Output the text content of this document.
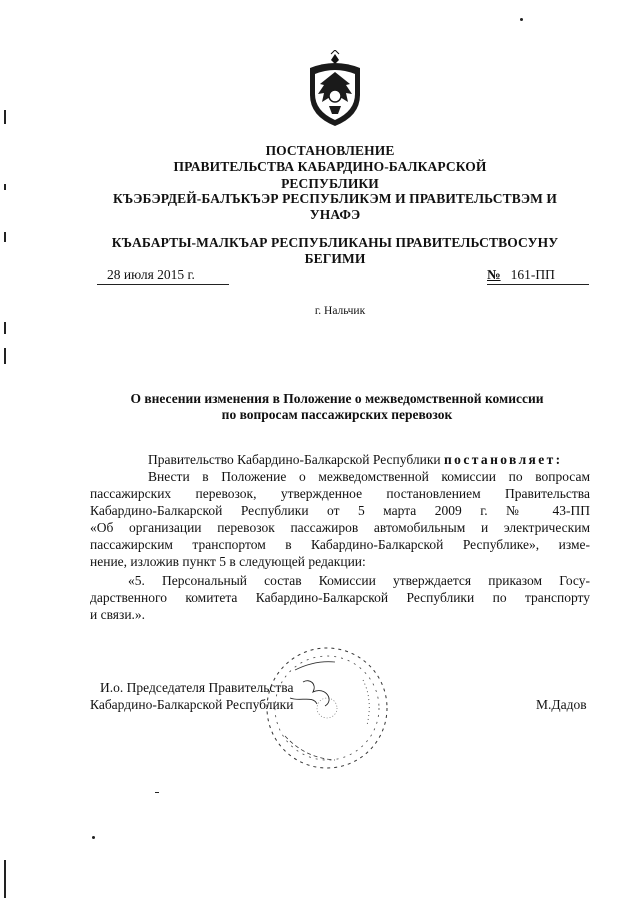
ПОСТАНОВЛЕНИЕ
ПРАВИТЕЛЬСТВА КАБАРДИНО-БАЛКАРСКОЙ РЕСПУБЛИКИ
КЪЭБЭРДЕЙ-БАЛЪКЪЭР РЕСПУБЛИКЭМ И ПРАВИТЕЛЬСТВЭМ И
УНАФЭ
КЪАБАРТЫ-МАЛКЪАР РЕСПУБЛИКАНЫ ПРАВИТЕЛЬСТВОСУНУ
БЕГИМИ
28 июля 2015 г.	№ 161-ПП
г. Нальчик
О внесении изменения в Положение о межведомственной комиссии
по вопросам пассажирских перевозок
Правительство Кабардино-Балкарской Республики постановляет:
Внести в Положение о межведомственной комиссии по вопросам
пассажирских перевозок, утвержденное постановлением Правительства
Кабардино-Балкарской Республики от 5 марта 2009 г. № 43-ПП
«Об организации перевозок пассажиров автомобильным и электрическим
пассажирским транспортом в Кабардино-Балкарской Республике», изме-
нение, изложив пункт 5 в следующей редакции:
«5. Персональный состав Комиссии утверждается приказом Госу-
дарственного комитета Кабардино-Балкарской Республики по транспорту
и связи.».
И.о. Председателя Правительства
Кабардино-Балкарской Республики	М.Дадов
